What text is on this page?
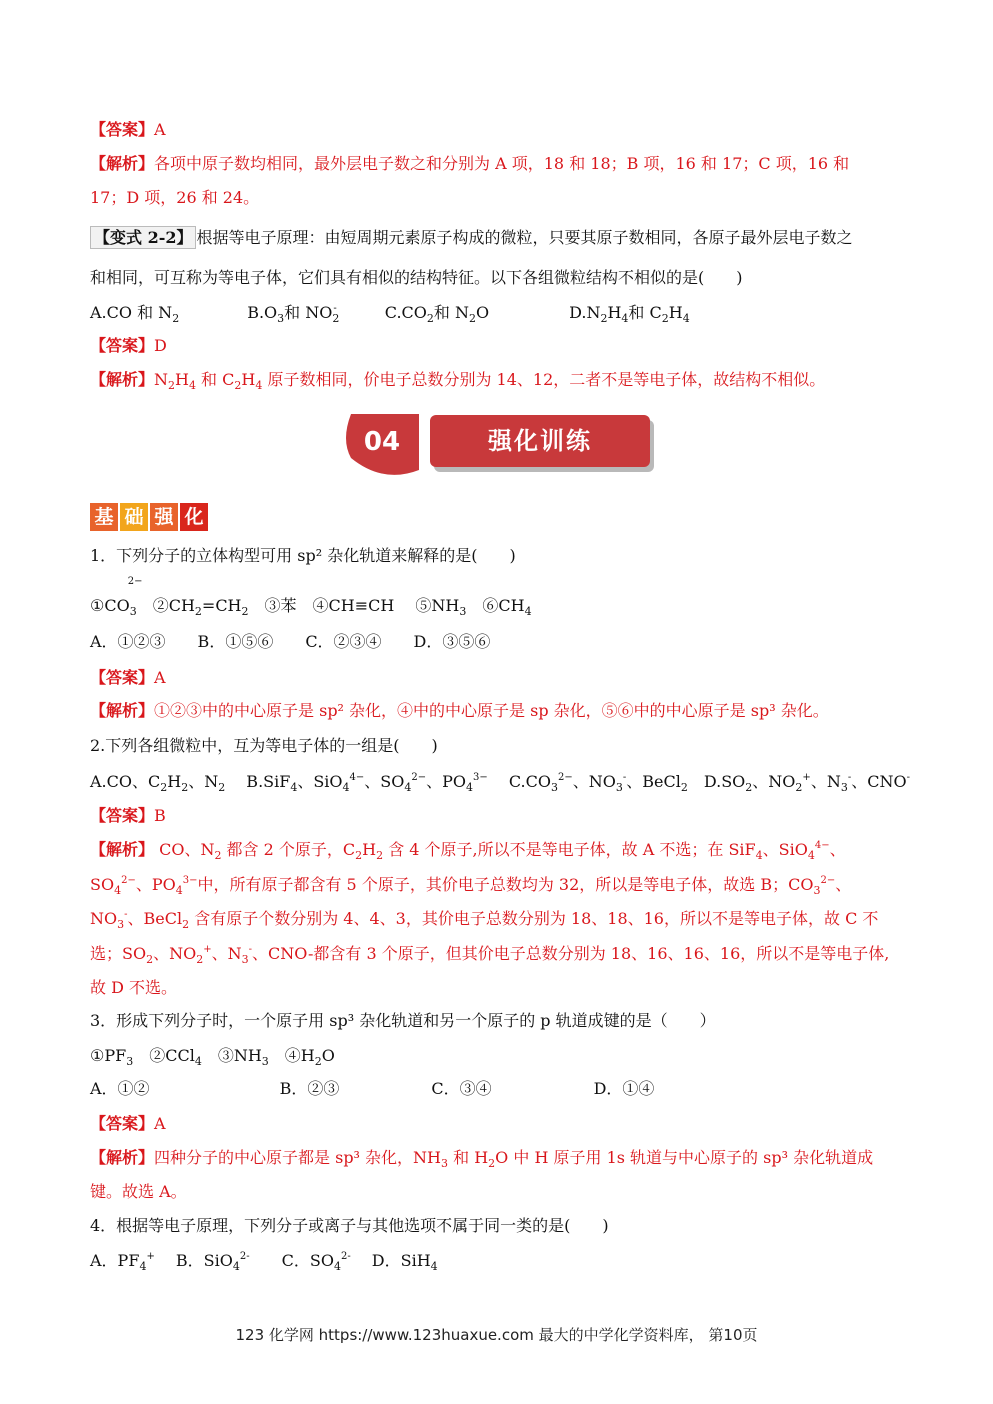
【答案】A
【解析】各项中原子数均相同，最外层电子数之和分别为 A 项，18 和 18；B 项，16 和 17；C 项，16 和
17；D 项，26 和 24。
【变式 2-2】 根据等电子原理：由短周期元素原子构成的微粒，只要其原子数相同，各原子最外层电子数之
和相同，可互称为等电子体，它们具有相似的结构特征。以下各组微粒结构不相似的是(　　)
A.CO 和 $N_2$	$B.O_3$和 $NO_2^-$	$C.CO_2$和 $N_2O$	$D.N_2H_4$和 $C_2H_4$
【答案】D
【解析】$N_2H_4$ 和 $C_2H_4$ 原子数相同，价电子总数分别为 14、12，二者不是等电子体，故结构不相似。
04	强化训练
基 础 强 化
1．下列分子的立体构型可用 sp² 杂化轨道来解释的是(　　)
$①CO_3$
2−
　$②CH_2=CH_2$　③苯　④CH≡CH　 $⑤NH_3$　$⑥CH_4$
A．①②③　　B．①⑤⑥　　C．②③④　　D．③⑤⑥
【答案】A
【解析】①②③中的中心原子是 sp² 杂化，④中的中心原子是 sp 杂化，⑤⑥中的中心原子是 sp³ 杂化。
2.下列各组微粒中，互为等电子体的一组是(　　)
A.CO、$C_2H_2$、$N_2$　 B.SiF$_4$、SiO$_4^{4-}$、$SO_4^{2-}$、$PO_4^{3-}$　 $C.CO_3^{2-}$、$NO_3^-$、BeCl$_2$　$D.SO_2$、$NO_2^+$、$N_3^-$、CNO-
【答案】B
【解析】 CO、$N_2$ 都含 2 个原子，$C_2H_2$ 含 4 个原子,所以不是等电子体，故 A 不选；在 SiF$_4$、SiO$_4^{4-}$、
$SO_4^{2-}$、$PO_4^{3-}$中，所有原子都含有 5 个原子，其价电子总数均为 32，所以是等电子体，故选 B；$CO_3^{2-}$、
$NO_3^-$、BeCl$_2$ 含有原子个数分别为 4、4、3，其价电子总数分别为 18、18、16，所以不是等电子体，故 C 不
选；$SO_2$、$NO_2^+$、$N_3^-$、CNO-都含有 3 个原子，但其价电子总数分别为 18、16、16、16，所以不是等电子体,
故 D 不选。
3．形成下列分子时，一个原子用 sp³ 杂化轨道和另一个原子的 p 轨道成键的是（　　）
$①PF_3$　②CCl$_4$　$③NH_3$　$④H_2O$
A．①②	B．②③	C．③④	D．①④
【答案】A
【解析】四种分子的中心原子都是 sp³ 杂化，$NH_3$ 和 $H_2O$ 中 H 原子用 1s 轨道与中心原子的 sp³ 杂化轨道成
键。故选 A。
4．根据等电子原理，下列分子或离子与其他选项不属于同一类的是(　　)
A．$PF_4^+$　 B．SiO$_4^{2-}$　　C．$SO_4^{2-}$　 D．SiH$_4$
123 化学网 https://www.123huaxue.com 最大的中学化学资料库， 第10页
